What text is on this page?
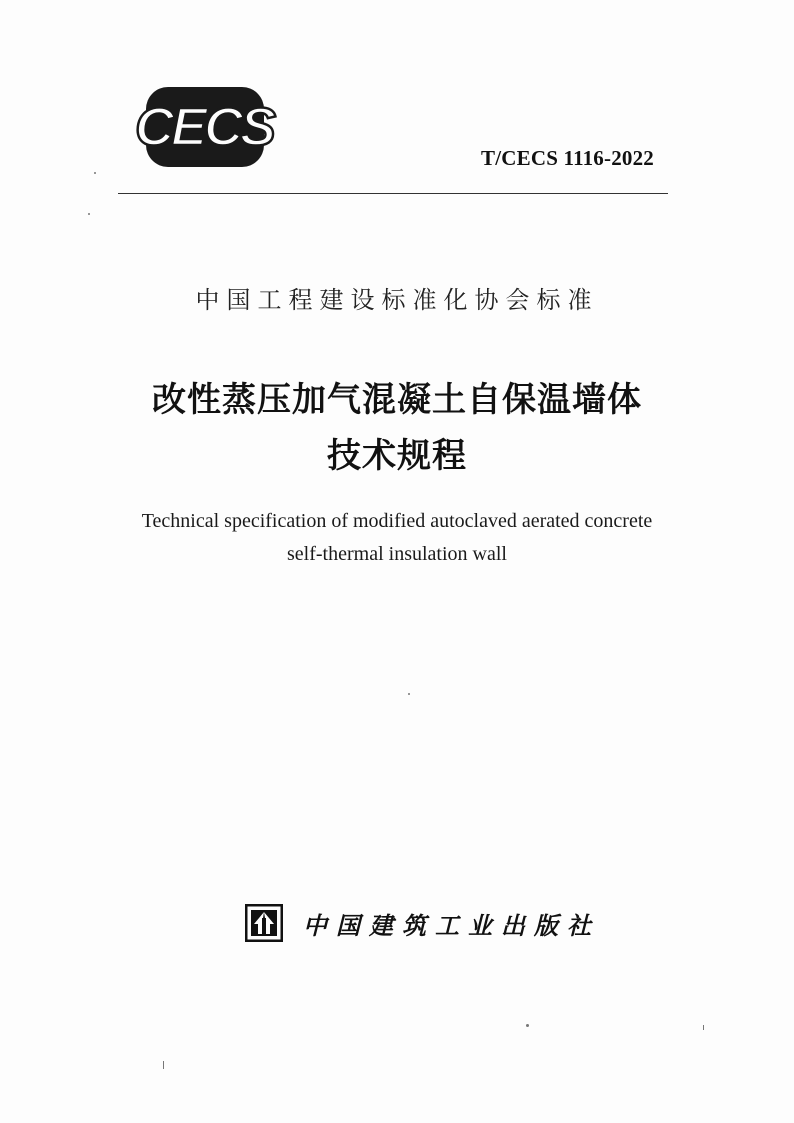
CECS
T/CECS 1116-2022
中国工程建设标准化协会标准
改性蒸压加气混凝土自保温墙体
技术规程
Technical specification of modified autoclaved aerated concrete
self-thermal insulation wall
中国建筑工业出版社
